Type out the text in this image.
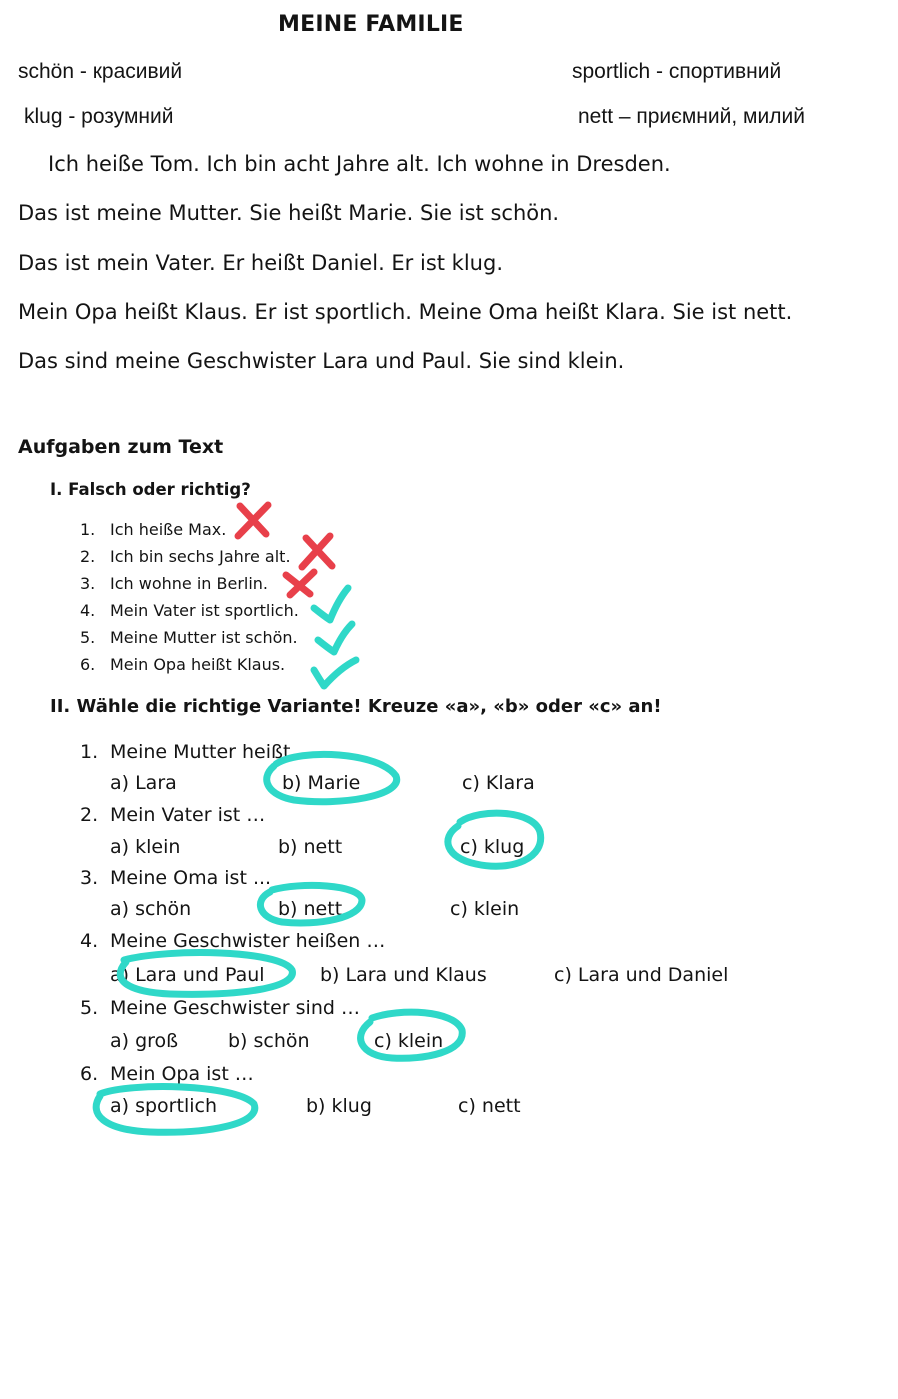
MEINE FAMILIE
schön - красивий	sportlich - спортивний
klug - розумний	nett – приємний, милий
Ich heiße Tom. Ich bin acht Jahre alt. Ich wohne in Dresden.
Das ist meine Mutter. Sie heißt Marie. Sie ist schön.
Das ist mein Vater. Er heißt Daniel. Er ist klug.
Mein Opa heißt Klaus. Er ist sportlich. Meine Oma heißt Klara. Sie ist nett.
Das sind meine Geschwister Lara und Paul. Sie sind klein.
Aufgaben zum Text
I. Falsch oder richtig?
1. Ich heiße Max.
2. Ich bin sechs Jahre alt.
3. Ich wohne in Berlin.
4. Mein Vater ist sportlich.
5. Meine Mutter ist schön.
6. Mein Opa heißt Klaus.
II. Wähle die richtige Variante! Kreuze «a», «b» oder «c» an!
1. Meine Mutter heißt …
a) Lara	b) Marie	c) Klara
2. Mein Vater ist …
a) klein	b) nett	c) klug
3. Meine Oma ist ...
a) schön	b) nett	c) klein
4. Meine Geschwister heißen …
a) Lara und Paul	b) Lara und Klaus	c) Lara und Daniel
5. Meine Geschwister sind …
a) groß	b) schön	c) klein
6. Mein Opa ist …
a) sportlich	b) klug	c) nett
